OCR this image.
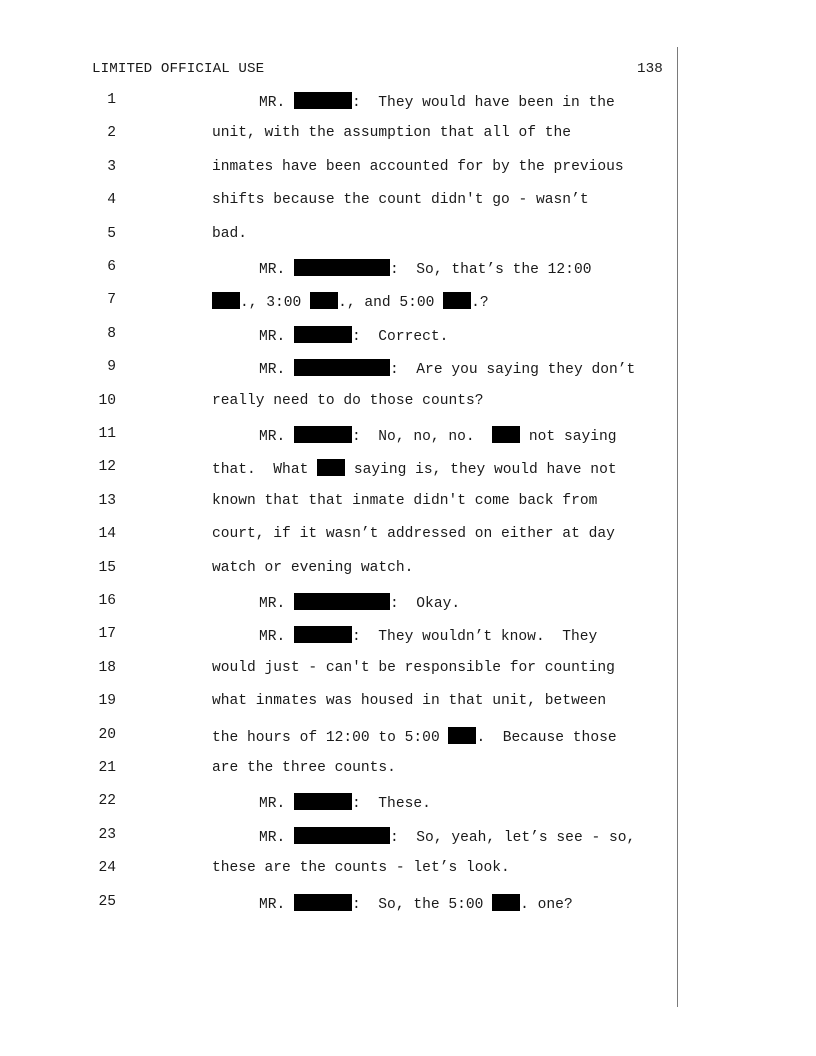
LIMITED OFFICIAL USE	138
1	MR.	:  They would have been in the
2	unit, with the assumption that all of the
3	inmates have been accounted for by the previous
4	shifts because the count didn't go - wasn’t
5	bad.
6	MR.	:  So, that’s the 12:00
7	., 3:00 ., and 5:00 .?
8	MR.	:  Correct.
9	MR.	:  Are you saying they don’t
10	really need to do those counts?
11	MR.	:  No, no, no.   not saying
12	that.  What  saying is, they would have not
13	known that that inmate didn't come back from
14	court, if it wasn’t addressed on either at day
15	watch or evening watch.
16	MR.	:  Okay.
17	MR.	:  They wouldn’t know.  They
18	would just - can't be responsible for counting
19	what inmates was housed in that unit, between
20	the hours of 12:00 to 5:00 .  Because those
21	are the three counts.
22	MR.	:  These.
23	MR.	:  So, yeah, let’s see - so,
24	these are the counts - let’s look.
25	MR.	:  So, the 5:00 . one?
